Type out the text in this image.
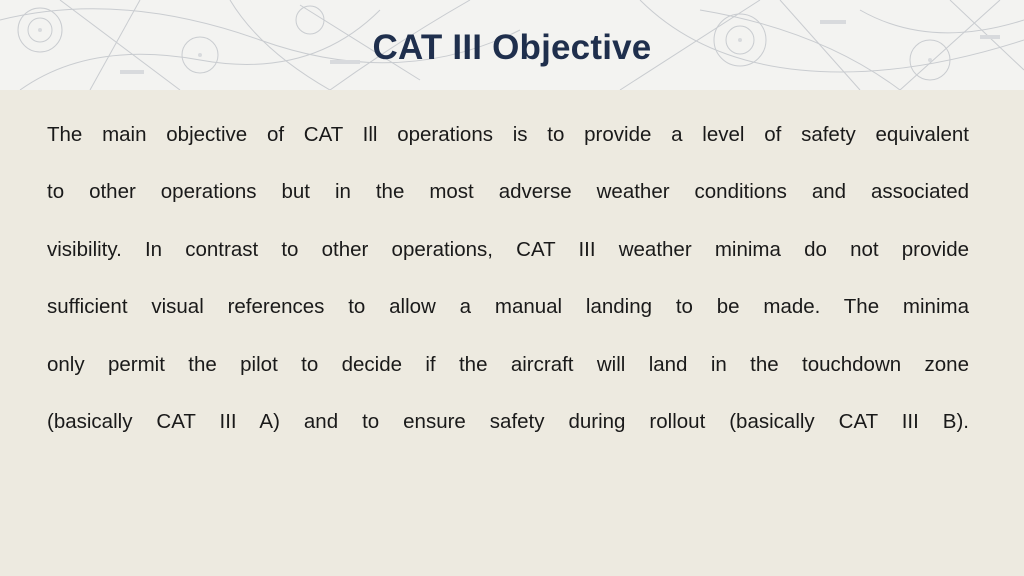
CAT III Objective
The main objective of CAT Ill operations is to provide a level of safety equivalent
to other operations but in the most adverse weather conditions and associated
visibility. In contrast to other operations, CAT III weather minima do not provide
sufficient visual references to allow a manual landing to be made. The minima
only permit the pilot to decide if the aircraft will land in the touchdown zone
(basically CAT III A) and to ensure safety during rollout (basically CAT III B).
